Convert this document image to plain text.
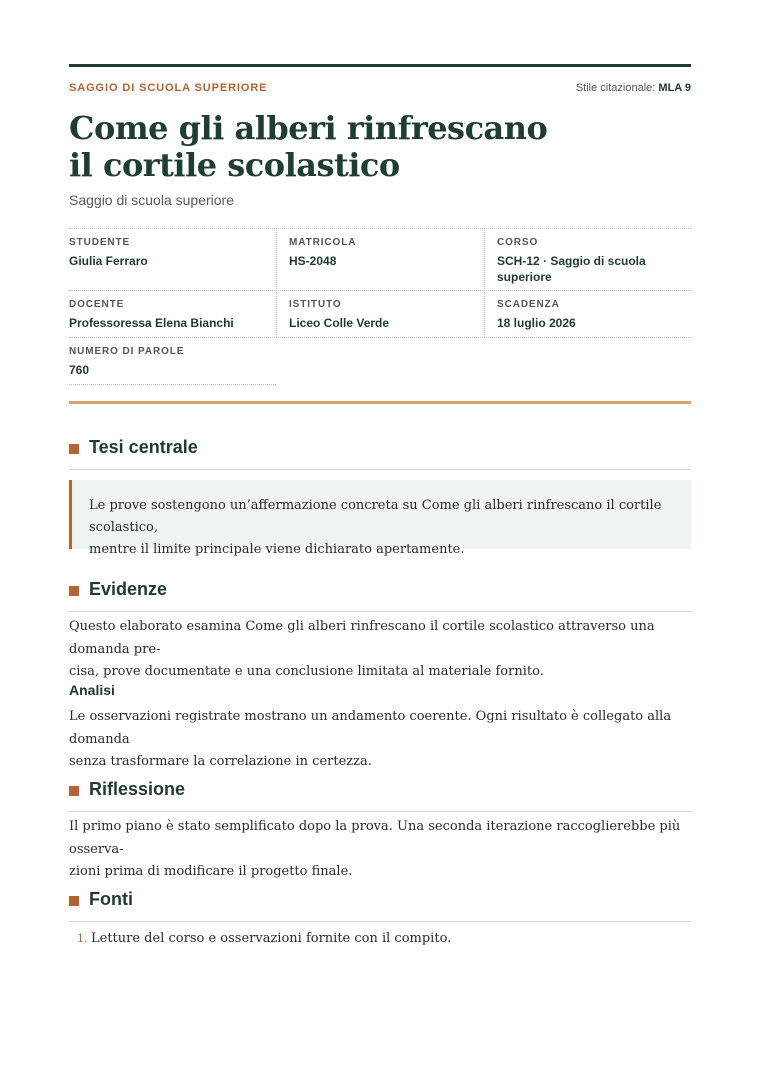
SAGGIO DI SCUOLA SUPERIORE	Stile citazionale: MLA 9
Come gli alberi rinfrescano
il cortile scolastico
Saggio di scuola superiore
STUDENTE
Giulia Ferraro
MATRICOLA
HS-2048
CORSO
SCH-12 · Saggio di scuola
superiore
DOCENTE
Professoressa Elena Bianchi
ISTITUTO
Liceo Colle Verde
SCADENZA
18 luglio 2026
NUMERO DI PAROLE
760
Tesi centrale
Le prove sostengono un’affermazione concreta su Come gli alberi rinfrescano il cortile scolastico,
mentre il limite principale viene dichiarato apertamente.
Evidenze

Questo elaborato esamina Come gli alberi rinfrescano il cortile scolastico attraverso una domanda pre-
cisa, prove documentate e una conclusione limitata al materiale fornito.

Analisi

Le osservazioni registrate mostrano un andamento coerente. Ogni risultato è collegato alla domanda
senza trasformare la correlazione in certezza.

Riflessione

Il primo piano è stato semplificato dopo la prova. Una seconda iterazione raccoglierebbe più osserva-
zioni prima di modificare il progetto finale.

Fonti
1. Letture del corso e osservazioni fornite con il compito.
